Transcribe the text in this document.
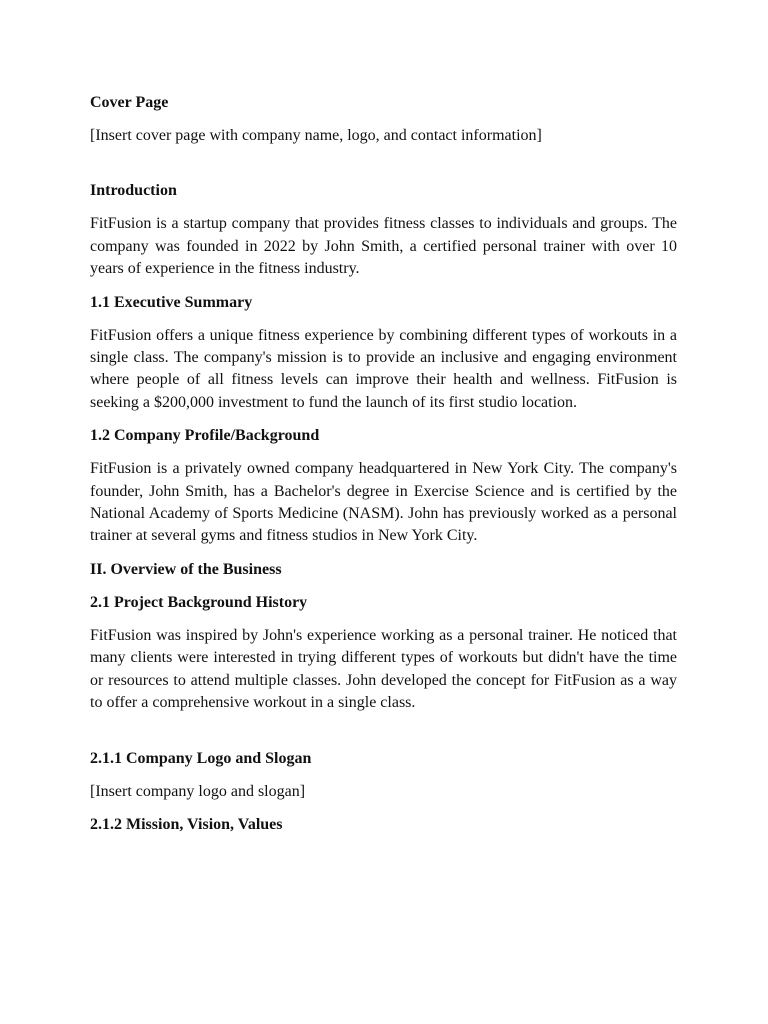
Cover Page
[Insert cover page with company name, logo, and contact information]
Introduction
FitFusion is a startup company that provides fitness classes to individuals and groups. The company was founded in 2022 by John Smith, a certified personal trainer with over 10 years of experience in the fitness industry.
1.1 Executive Summary
FitFusion offers a unique fitness experience by combining different types of workouts in a single class. The company's mission is to provide an inclusive and engaging environment where people of all fitness levels can improve their health and wellness. FitFusion is seeking a $200,000 investment to fund the launch of its first studio location.
1.2 Company Profile/Background
FitFusion is a privately owned company headquartered in New York City. The company's founder, John Smith, has a Bachelor's degree in Exercise Science and is certified by the National Academy of Sports Medicine (NASM). John has previously worked as a personal trainer at several gyms and fitness studios in New York City.
II. Overview of the Business
2.1 Project Background History
FitFusion was inspired by John's experience working as a personal trainer. He noticed that many clients were interested in trying different types of workouts but didn't have the time or resources to attend multiple classes. John developed the concept for FitFusion as a way to offer a comprehensive workout in a single class.
2.1.1 Company Logo and Slogan
[Insert company logo and slogan]
2.1.2 Mission, Vision, Values
